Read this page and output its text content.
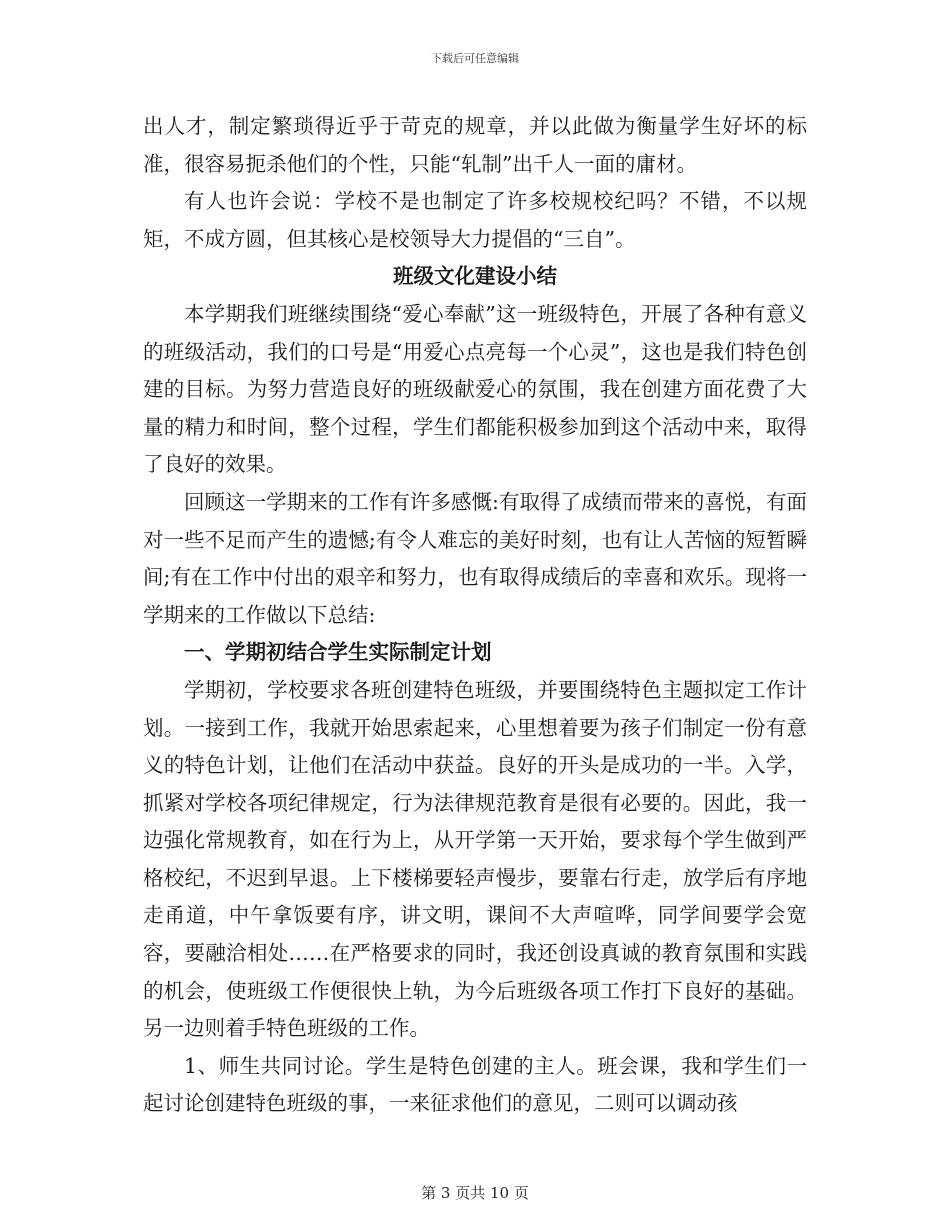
下载后可任意编辑

出人才，制定繁琐得近乎于苛克的规章，并以此做为衡量学生好坏的标准，很容易扼杀他们的个性，只能“轧制”出千人一面的庸材。

有人也许会说：学校不是也制定了许多校规校纪吗？不错，不以规矩，不成方圆，但其核心是校领导大力提倡的“三自”。

班级文化建设小结

本学期我们班继续围绕“爱心奉献”这一班级特色，开展了各种有意义的班级活动，我们的口号是“用爱心点亮每一个心灵”，这也是我们特色创建的目标。为努力营造良好的班级献爱心的氛围，我在创建方面花费了大量的精力和时间，整个过程，学生们都能积极参加到这个活动中来，取得了良好的效果。

回顾这一学期来的工作有许多感慨:有取得了成绩而带来的喜悦，有面对一些不足而产生的遗憾;有令人难忘的美好时刻，也有让人苦恼的短暂瞬间;有在工作中付出的艰辛和努力，也有取得成绩后的幸喜和欢乐。现将一学期来的工作做以下总结:

一、学期初结合学生实际制定计划

学期初，学校要求各班创建特色班级，并要围绕特色主题拟定工作计划。一接到工作，我就开始思索起来，心里想着要为孩子们制定一份有意义的特色计划，让他们在活动中获益。良好的开头是成功的一半。入学，抓紧对学校各项纪律规定，行为法律规范教育是很有必要的。因此，我一边强化常规教育，如在行为上，从开学第一天开始，要求每个学生做到严格校纪，不迟到早退。上下楼梯要轻声慢步，要靠右行走，放学后有序地走甬道，中午拿饭要有序，讲文明，课间不大声喧哗，同学间要学会宽容，要融洽相处……在严格要求的同时，我还创设真诚的教育氛围和实践的机会，使班级工作便很快上轨，为今后班级各项工作打下良好的基础。另一边则着手特色班级的工作。

1、师生共同讨论。学生是特色创建的主人。班会课，我和学生们一起讨论创建特色班级的事，一来征求他们的意见，二则可以调动孩

第 3 页共 10 页
